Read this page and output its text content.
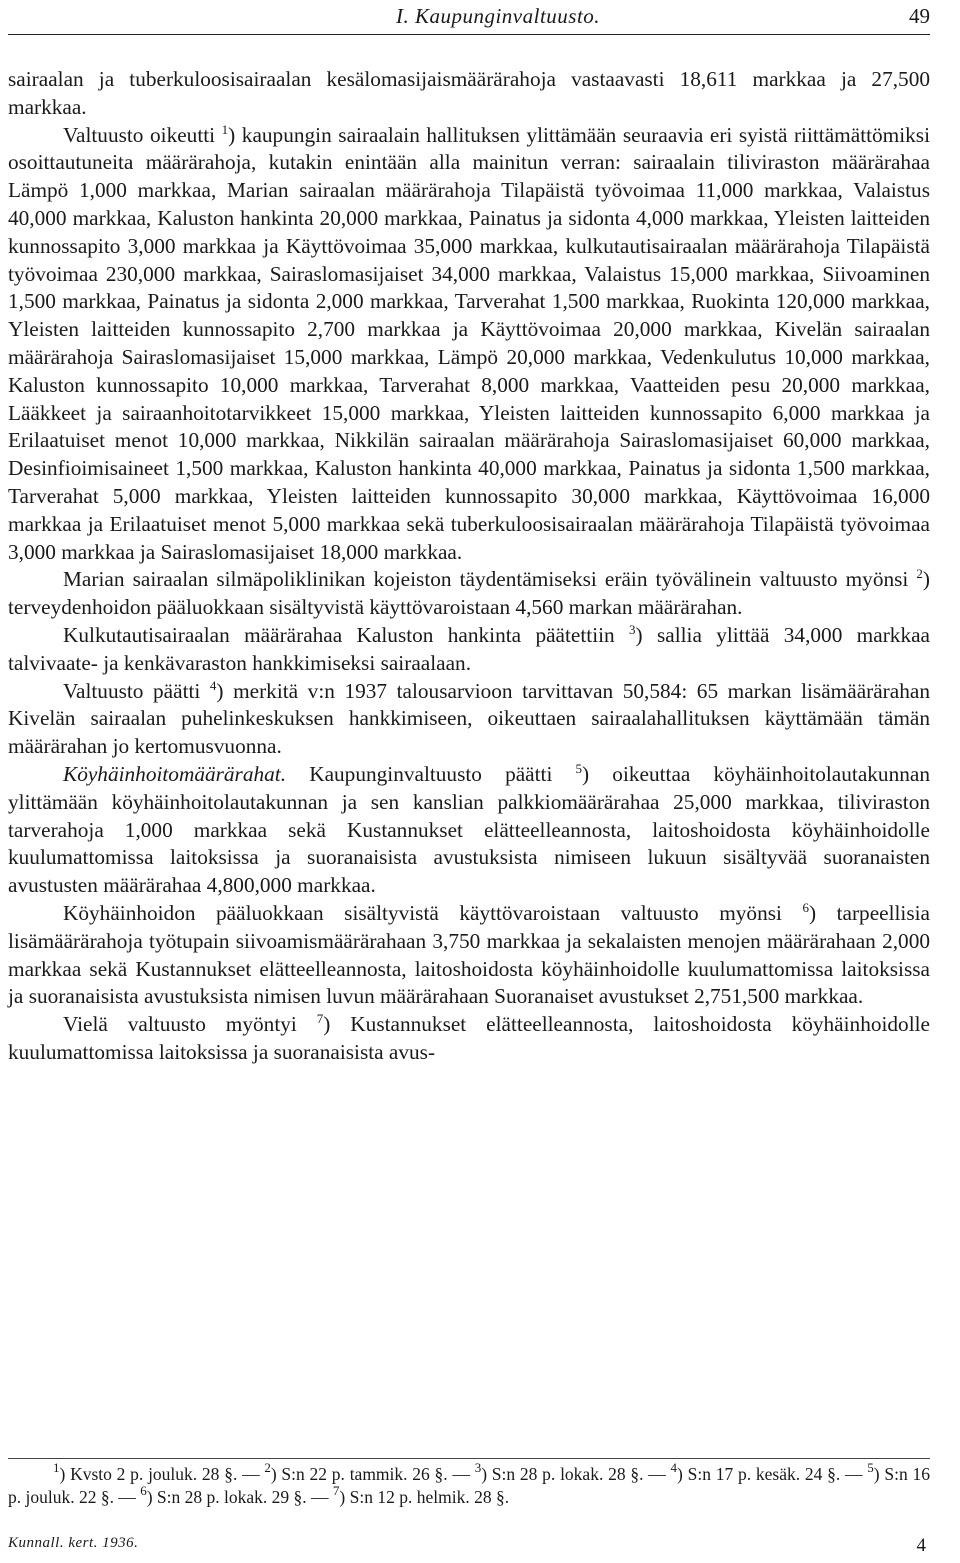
I. Kaupunginvaltuusto.	49

sairaalan ja tuberkuloosisairaalan kesälomasijaismäärärahoja vastaavasti 18,611 markkaa ja 27,500 markkaa.

Valtuusto oikeutti $^1$) kaupungin sairaalain hallituksen ylittämään seuraavia eri syistä riittämättömiksi osoittautuneita määrärahoja, kutakin enintään alla mainitun verran: sairaalain tiliviraston määrärahaa Lämpö 1,000 markkaa, Marian sairaalan määrärahoja Tilapäistä työvoimaa 11,000 markkaa, Valaistus 40,000 markkaa, Kaluston hankinta 20,000 markkaa, Painatus ja sidonta 4,000 markkaa, Yleisten laitteiden kunnossapito 3,000 markkaa ja Käyttövoimaa 35,000 markkaa, kulkutautisairaalan määrärahoja Tilapäistä työvoimaa 230,000 markkaa, Sairaslomasijaiset 34,000 markkaa, Valaistus 15,000 markkaa, Siivoaminen 1,500 markkaa, Painatus ja sidonta 2,000 markkaa, Tarverahat 1,500 markkaa, Ruokinta 120,000 markkaa, Yleisten laitteiden kunnossapito 2,700 markkaa ja Käyttövoimaa 20,000 markkaa, Kivelän sairaalan määrärahoja Sairaslomasijaiset 15,000 markkaa, Lämpö 20,000 markkaa, Vedenkulutus 10,000 markkaa, Kaluston kunnossapito 10,000 markkaa, Tarverahat 8,000 markkaa, Vaatteiden pesu 20,000 markkaa, Lääkkeet ja sairaanhoitotarvikkeet 15,000 markkaa, Yleisten laitteiden kunnossapito 6,000 markkaa ja Erilaatuiset menot 10,000 markkaa, Nikkilän sairaalan määrärahoja Sairaslomasijaiset 60,000 markkaa, Desinfioimisaineet 1,500 markkaa, Kaluston hankinta 40,000 markkaa, Painatus ja sidonta 1,500 markkaa, Tarverahat 5,000 markkaa, Yleisten laitteiden kunnossapito 30,000 markkaa, Käyttövoimaa 16,000 markkaa ja Erilaatuiset menot 5,000 markkaa sekä tuberkuloosisairaalan määrärahoja Tilapäistä työvoimaa 3,000 markkaa ja Sairaslomasijaiset 18,000 markkaa.

Marian sairaalan silmäpoliklinikan kojeiston täydentämiseksi eräin työvälinein valtuusto myönsi $^2$) terveydenhoidon pääluokkaan sisältyvistä käyttövaroistaan 4,560 markan määrärahan.

Kulkutautisairaalan määrärahaa Kaluston hankinta päätettiin $^3$) sallia ylittää 34,000 markkaa talvivaate- ja kenkävaraston hankkimiseksi sairaalaan.

Valtuusto päätti $^4$) merkitä v:n 1937 talousarvioon tarvittavan 50,584: 65 markan lisämäärärahan Kivelän sairaalan puhelinkeskuksen hankkimiseen, oikeuttaen sairaalahallituksen käyttämään tämän määrärahan jo kertomusvuonna.

Köyhäinhoitomäärärahat. Kaupunginvaltuusto päätti $^5$) oikeuttaa köyhäinhoitolautakunnan ylittämään köyhäinhoitolautakunnan ja sen kanslian palkkiomäärärahaa 25,000 markkaa, tiliviraston tarverahoja 1,000 markkaa sekä Kustannukset elätteelleannosta, laitoshoidosta köyhäinhoidolle kuulumattomissa laitoksissa ja suoranaisista avustuksista nimiseen lukuun sisältyvää suoranaisten avustusten määrärahaa 4,800,000 markkaa.

Köyhäinhoidon pääluokkaan sisältyvistä käyttövaroistaan valtuusto myönsi $^6$) tarpeellisia lisämäärärahoja työtupain siivoamismäärärahaan 3,750 markkaa ja sekalaisten menojen määrärahaan 2,000 markkaa sekä Kustannukset elätteelleannosta, laitoshoidosta köyhäinhoidolle kuulumattomissa laitoksissa ja suoranaisista avustuksista nimisen luvun määrärahaan Suoranaiset avustukset 2,751,500 markkaa.

Vielä valtuusto myöntyi $^7$) Kustannukset elätteelleannosta, laitoshoidosta köyhäinhoidolle kuulumattomissa laitoksissa ja suoranaisista avus-

$^1$) Kvsto 2 p. jouluk. 28 §. — $^2$) S:n 22 p. tammik. 26 §. — $^3$) S:n 28 p. lokak. 28 §. — $^4$) S:n 17 p. kesäk. 24 §. — $^5$) S:n 16 p. jouluk. 22 §. — $^6$) S:n 28 p. lokak. 29 §. — $^7$) S:n 12 p. helmik. 28 §.

Kunnall. kert. 1936.	4
